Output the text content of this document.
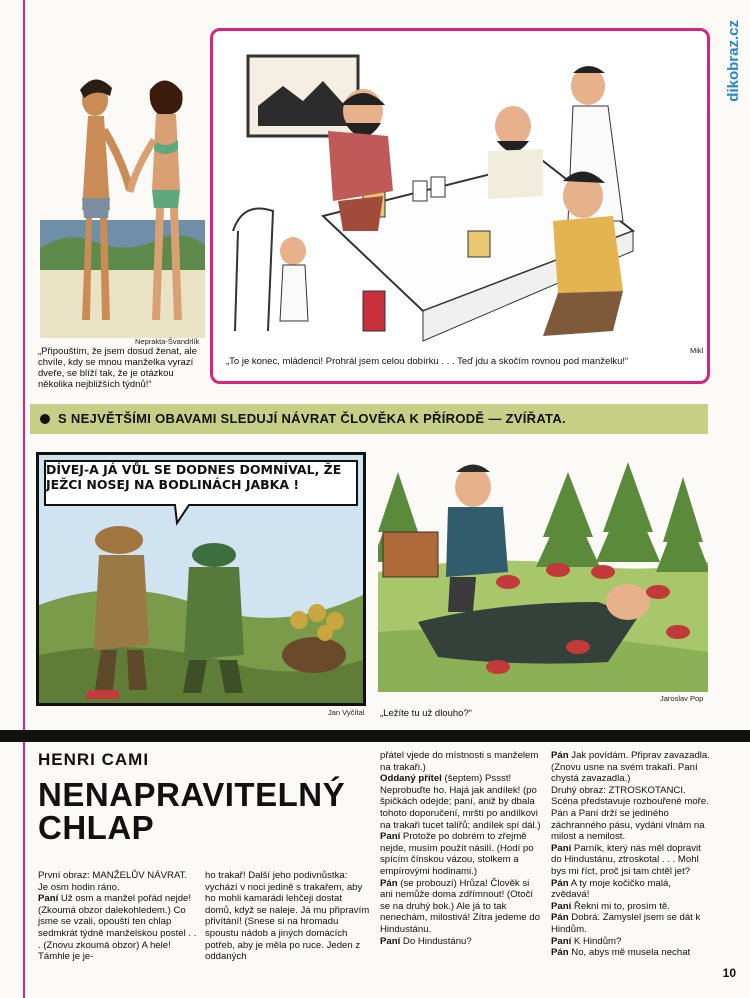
dikobraz.cz
Neprakta-Švandrlík
„Připouštím, že jsem dosud ženat, ale chvíle, kdy se mnou manželka vyrazí dveře, se blíží tak, že je otázkou několika nejbližších týdnů!“
Mikl
„To je konec, mládenci! Prohrál jsem celou dobírku . . . Teď jdu a skočím rovnou pod manželku!“
S NEJVĚTŠÍMI OBAVAMI SLEDUJÍ NÁVRAT ČLOVĚKA K PŘÍRODĚ — ZVÍŘATA.
DÍVEJ-A JÁ VŮL SE DODNES DOMNÍVAL, ŽE JEŽCI NOSEJ NA BODLINÁCH JABKA !
Jan Vyčítal „Ležíte tu už dlouho?“
Jaroslav Pop
HENRI CAMI
NENAPRAVITELNÝ
CHLAP

První obraz: MANŽELŮV NÁVRAT. Je osm hodin ráno.

Paní Už osm a manžel pořád nejde! (Zkoumá obzor dalekohledem.) Co jsme se vzali, opouští ten chlap sedmkrát týdně manželskou postel . . . (Znovu zkoumá obzor) A hele! Támhle je je-

ho trakař! Další jeho podivnůstka: vychází v noci jedině s trakařem, aby ho mohli kamarádi lehčeji dostat domů, když se naleje. Já mu připravím přivítání! (Snese si na hromadu spoustu nádob a jiných domácích potřeb, aby je měla po ruce. Jeden z oddaných

přátel vjede do místnosti s manželem na trakaři.)

Oddaný přítel (šeptem) Pssst! Neprobuďte ho. Hajá jak andílek! (po špičkách odejde; paní, aniž by dbala tohoto doporučení, mrští po andílkovi na trakaři tucet talířů; andílek spí dál.)

Paní Protože po dobrém to zřejmě nejde, musím použít násilí. (Hodí po spícím čínskou vázou, stolkem a empírovými hodinami.)

Pán (se probouzí) Hrůza! Člověk si ani nemůže doma zdřímnout! (Otočí se na druhý bok.) Ale já to tak nenechám, milostivá! Zítra jedeme do Hindustánu.

Paní Do Hindustánu?

Pán Jak povídám. Připrav zavazadla. (Znovu usne na svém trakaři. Paní chystá zavazadla.)

Druhý obraz: ZTROSKOTANCI. Scéna představuje rozbouřené moře. Pán a Paní drží se jediného záchranného pásu, vydáni vlnám na milost a nemilost.

Paní Parník, který nás měl dopravit do Hindustánu, ztroskotal . . . Mohl bys mi říct, proč jsi tam chtěl jet?

Pán A ty moje kočičko malá, zvědavá!

Paní Řekni mi to, prosím tě.

Pán Dobrá. Zamyslel jsem se dát k Hindům.

Paní K Hindům?

Pán No, abys mě musela nechat

10
